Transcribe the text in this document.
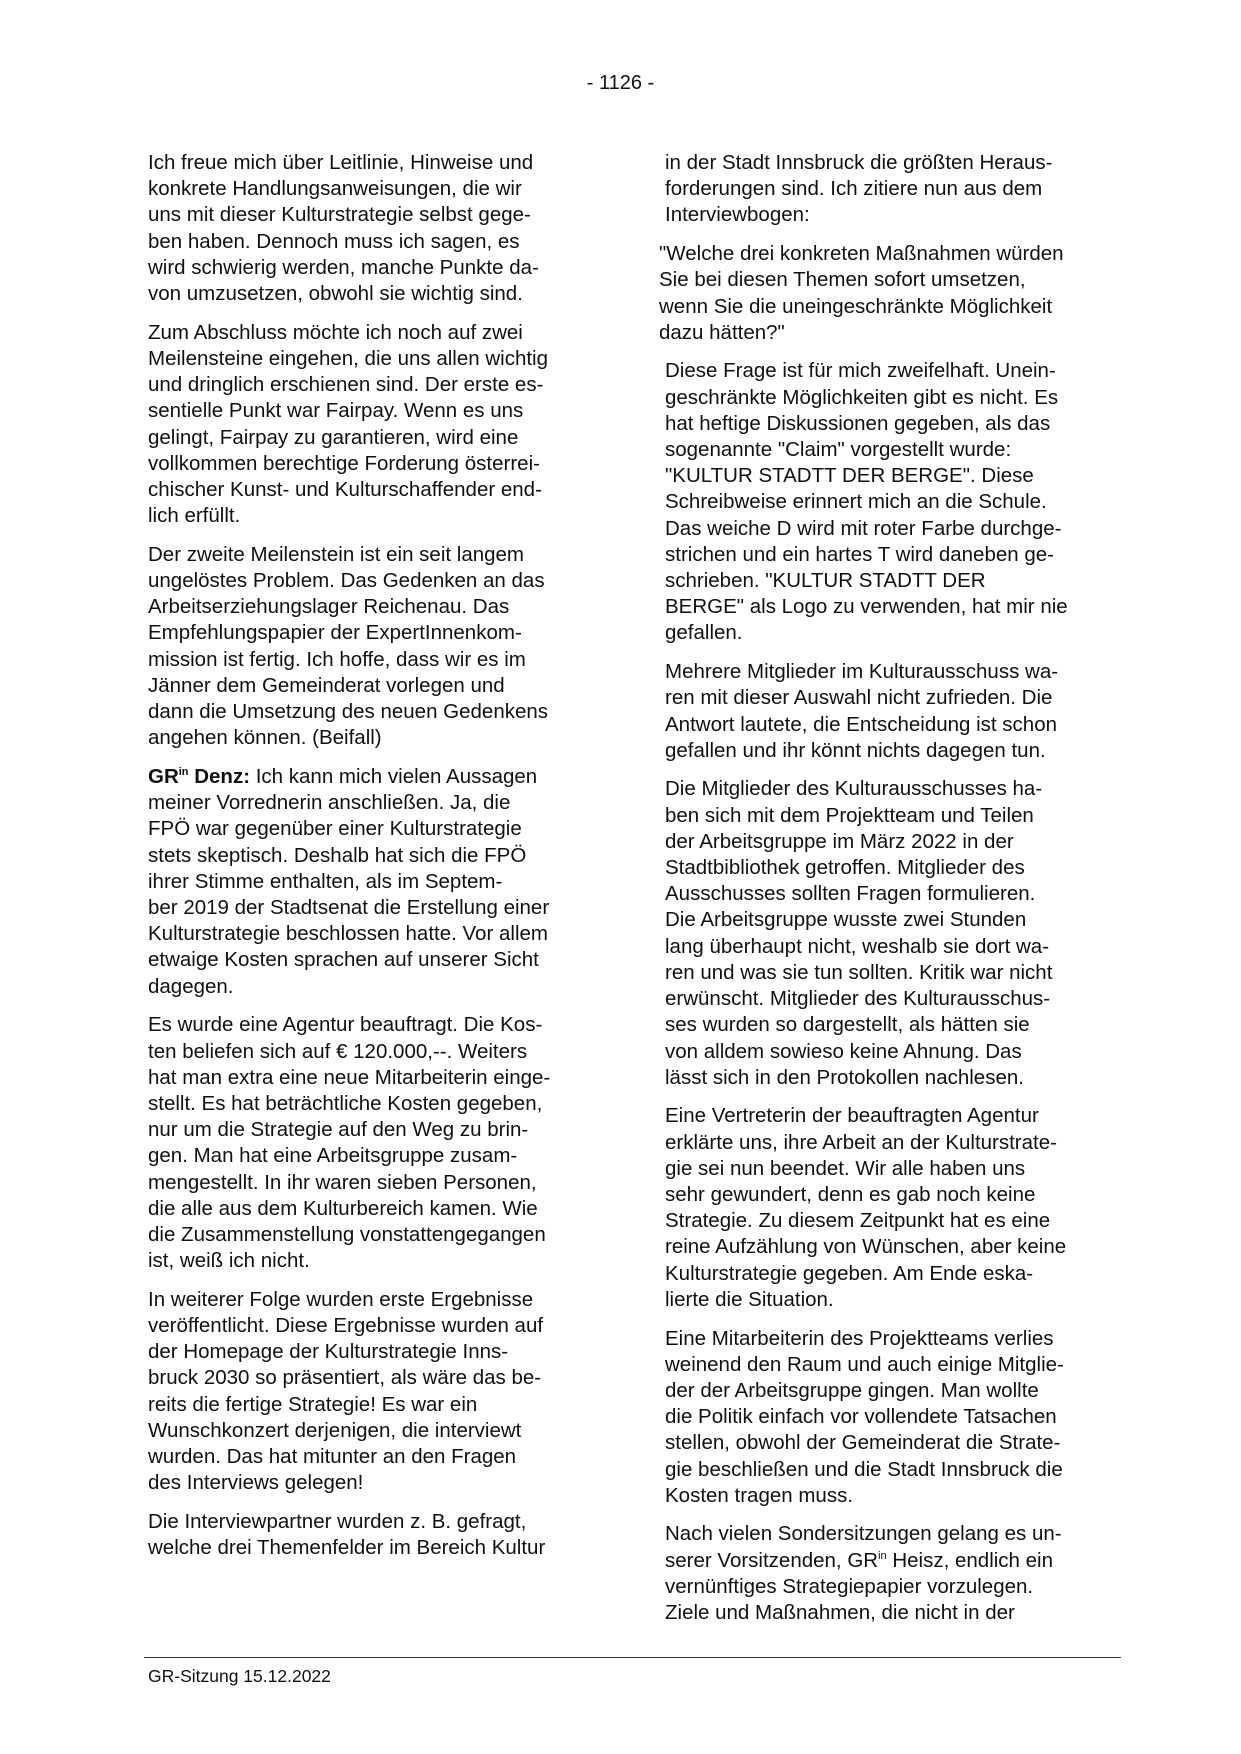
- 1126 -

Ich freue mich über Leitlinie, Hinweise und
konkrete Handlungsanweisungen, die wir
uns mit dieser Kulturstrategie selbst gege-
ben haben. Dennoch muss ich sagen, es
wird schwierig werden, manche Punkte da-
von umzusetzen, obwohl sie wichtig sind.

Zum Abschluss möchte ich noch auf zwei
Meilensteine eingehen, die uns allen wichtig
und dringlich erschienen sind. Der erste es-
sentielle Punkt war Fairpay. Wenn es uns
gelingt, Fairpay zu garantieren, wird eine
vollkommen berechtige Forderung österrei-
chischer Kunst- und Kulturschaffender end-
lich erfüllt.

Der zweite Meilenstein ist ein seit langem
ungelöstes Problem. Das Gedenken an das
Arbeitserziehungslager Reichenau. Das
Empfehlungspapier der ExpertInnenkom-
mission ist fertig. Ich hoffe, dass wir es im
Jänner dem Gemeinderat vorlegen und
dann die Umsetzung des neuen Gedenkens
angehen können. (Beifall)

$GR^{in}$ Denz: Ich kann mich vielen Aussagen
meiner Vorrednerin anschließen. Ja, die
FPÖ war gegenüber einer Kulturstrategie
stets skeptisch. Deshalb hat sich die FPÖ
ihrer Stimme enthalten, als im Septem-
ber 2019 der Stadtsenat die Erstellung einer
Kulturstrategie beschlossen hatte. Vor allem
etwaige Kosten sprachen auf unserer Sicht
dagegen.

Es wurde eine Agentur beauftragt. Die Kos-
ten beliefen sich auf € 120.000,--. Weiters
hat man extra eine neue Mitarbeiterin einge-
stellt. Es hat beträchtliche Kosten gegeben,
nur um die Strategie auf den Weg zu brin-
gen. Man hat eine Arbeitsgruppe zusam-
mengestellt. In ihr waren sieben Personen,
die alle aus dem Kulturbereich kamen. Wie
die Zusammenstellung vonstattengegangen
ist, weiß ich nicht.

In weiterer Folge wurden erste Ergebnisse
veröffentlicht. Diese Ergebnisse wurden auf
der Homepage der Kulturstrategie Inns-
bruck 2030 so präsentiert, als wäre das be-
reits die fertige Strategie! Es war ein
Wunschkonzert derjenigen, die interviewt
wurden. Das hat mitunter an den Fragen
des Interviews gelegen!

Die Interviewpartner wurden z. B. gefragt,
welche drei Themenfelder im Bereich Kultur

in der Stadt Innsbruck die größten Heraus-
forderungen sind. Ich zitiere nun aus dem
Interviewbogen:

"Welche drei konkreten Maßnahmen würden
Sie bei diesen Themen sofort umsetzen,
wenn Sie die uneingeschränkte Möglichkeit
dazu hätten?"

Diese Frage ist für mich zweifelhaft. Unein-
geschränkte Möglichkeiten gibt es nicht. Es
hat heftige Diskussionen gegeben, als das
sogenannte "Claim" vorgestellt wurde:
"KULTUR STADTT DER BERGE". Diese
Schreibweise erinnert mich an die Schule.
Das weiche D wird mit roter Farbe durchge-
strichen und ein hartes T wird daneben ge-
schrieben. "KULTUR STADTT DER
BERGE" als Logo zu verwenden, hat mir nie
gefallen.

Mehrere Mitglieder im Kulturausschuss wa-
ren mit dieser Auswahl nicht zufrieden. Die
Antwort lautete, die Entscheidung ist schon
gefallen und ihr könnt nichts dagegen tun.

Die Mitglieder des Kulturausschusses ha-
ben sich mit dem Projektteam und Teilen
der Arbeitsgruppe im März 2022 in der
Stadtbibliothek getroffen. Mitglieder des
Ausschusses sollten Fragen formulieren.
Die Arbeitsgruppe wusste zwei Stunden
lang überhaupt nicht, weshalb sie dort wa-
ren und was sie tun sollten. Kritik war nicht
erwünscht. Mitglieder des Kulturausschus-
ses wurden so dargestellt, als hätten sie
von alldem sowieso keine Ahnung. Das
lässt sich in den Protokollen nachlesen.

Eine Vertreterin der beauftragten Agentur
erklärte uns, ihre Arbeit an der Kulturstrate-
gie sei nun beendet. Wir alle haben uns
sehr gewundert, denn es gab noch keine
Strategie. Zu diesem Zeitpunkt hat es eine
reine Aufzählung von Wünschen, aber keine
Kulturstrategie gegeben. Am Ende eska-
lierte die Situation.

Eine Mitarbeiterin des Projektteams verlies
weinend den Raum und auch einige Mitglie-
der der Arbeitsgruppe gingen. Man wollte
die Politik einfach vor vollendete Tatsachen
stellen, obwohl der Gemeinderat die Strate-
gie beschließen und die Stadt Innsbruck die
Kosten tragen muss.

Nach vielen Sondersitzungen gelang es un-
serer Vorsitzenden, $GR^{in}$ Heisz, endlich ein
vernünftiges Strategiepapier vorzulegen.
Ziele und Maßnahmen, die nicht in der

GR-Sitzung 15.12.2022
